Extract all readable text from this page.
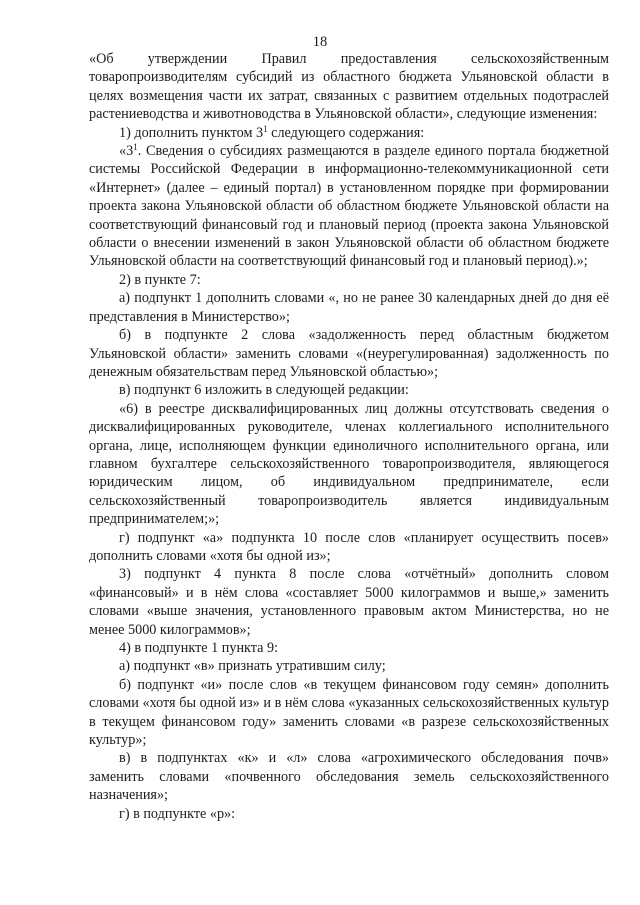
18

«Об утверждении Правил предоставления сельскохозяйственным товаропроизводителям субсидий из областного бюджета Ульяновской области в целях возмещения части их затрат, связанных с развитием отдельных подотраслей растениеводства и животноводства в Ульяновской области», следующие изменения:

1) дополнить пунктом $3^1$ следующего содержания:

«$3^1$. Сведения о субсидиях размещаются в разделе единого портала бюджетной системы Российской Федерации в информационно-телекоммуникационной сети «Интернет» (далее – единый портал) в установленном порядке при формировании проекта закона Ульяновской области об областном бюджете Ульяновской области на соответствующий финансовый год и плановый период (проекта закона Ульяновской области о внесении изменений в закон Ульяновской области об областном бюджете Ульяновской области на соответствующий финансовый год и плановый период).»;

2) в пункте 7:

а) подпункт 1 дополнить словами «, но не ранее 30 календарных дней до дня её представления в Министерство»;

б) в подпункте 2 слова «задолженность перед областным бюджетом Ульяновской области» заменить словами «(неурегулированная) задолженность по денежным обязательствам перед Ульяновской областью»;

в) подпункт 6 изложить в следующей редакции:

«6) в реестре дисквалифицированных лиц должны отсутствовать сведения о дисквалифицированных руководителе, членах коллегиального исполнительного органа, лице, исполняющем функции единоличного исполнительного органа, или главном бухгалтере сельскохозяйственного товаропроизводителя, являющегося юридическим лицом, об индивидуальном предпринимателе, если сельскохозяйственный товаропроизводитель является индивидуальным предпринимателем;»;

г) подпункт «а» подпункта 10 после слов «планирует осуществить посев» дополнить словами «хотя бы одной из»;

3) подпункт 4 пункта 8 после слова «отчётный» дополнить словом «финансовый» и в нём слова «составляет 5000 килограммов и выше,» заменить словами «выше значения, установленного правовым актом Министерства, но не менее 5000 килограммов»;

4) в подпункте 1 пункта 9:

а) подпункт «в» признать утратившим силу;

б) подпункт «и» после слов «в текущем финансовом году семян» дополнить словами «хотя бы одной из» и в нём слова «указанных сельскохозяйственных культур в текущем финансовом году» заменить словами «в разрезе сельскохозяйственных культур»;

в) в подпунктах «к» и «л» слова «агрохимического обследования почв» заменить словами «почвенного обследования земель сельскохозяйственного назначения»;

г) в подпункте «р»:
